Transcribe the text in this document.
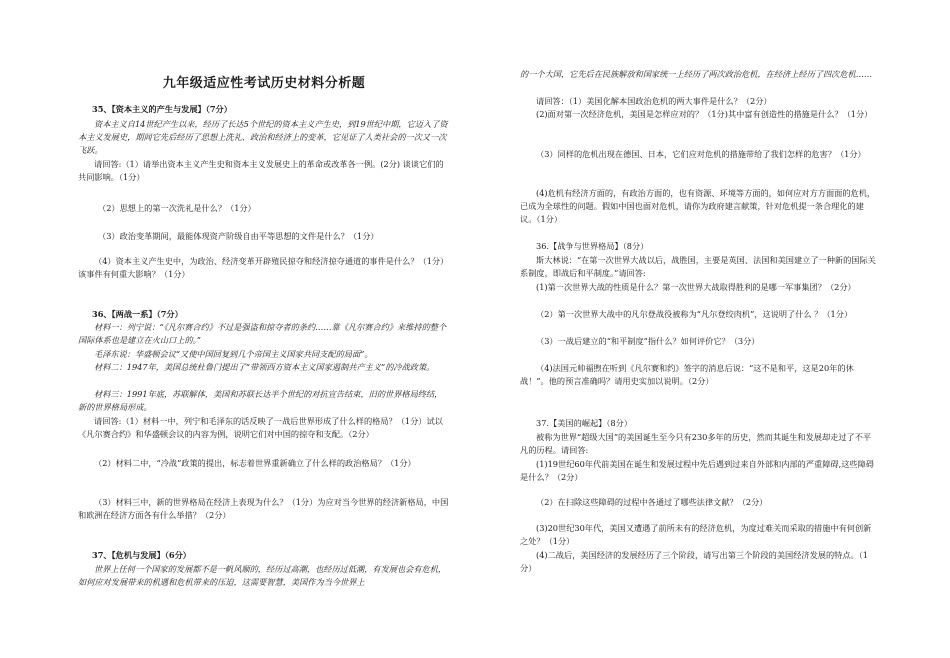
九年级适应性考试历史材料分析题

35、【资本主义的产生与发展】（7分）

资本主义自14世纪产生以来，经历了长达5个世纪的资本主义产生史，到19世纪中期，它迈入了资本主义发展史，期间它先后经历了思想上洗礼、政治和经济上的变革，它见证了人类社会的一次又一次飞跃。

请回答:（1）请举出资本主义产生史和资本主义发展史上的革命或改革各一例。(2分) 谈谈它们的共同影响。（1分）

（2）思想上的第一次洗礼是什么？（1分）

（3）政治变革期间，最能体现资产阶级自由平等思想的文件是什么？（1分）

（4）资本主义产生史中，为政治、经济变革开辟殖民掠夺和经济掠夺通道的事件是什么？（1分）该事件有何重大影响？（1分）

36、【两战一系】（7分）

材料一：列宁说：“《凡尔赛合约》不过是强盗和掠夺者的条约……靠《凡尔赛合约》来维持的整个国际体系也是建立在火山口上的。”

毛泽东说：华盛顿会议“又使中国回复到几个帝国主义国家共同支配的局面”。

材料二：1947年，美国总统杜鲁门提出了“带领西方资本主义国家遏制共产主义”的冷战政策。

材料三：1991年底，苏联解体，美国和苏联长达半个世纪的对抗宣告结束，旧的世界格局终结，新的世界格局形成。

请回答:（1）材料一中，列宁和毛泽东的话反映了一战后世界形成了什么样的格局？（1分）试以《凡尔赛合约》和华盛顿会议的内容为例，说明它们对中国的掠夺和支配。（2分）

（2）材料二中，“冷战”政策的提出，标志着世界重新确立了什么样的政治格局？（1分）

（3）材料三中，新的世界格局在经济上表现为什么？（1分）为应对当今世界的经济新格局，中国和欧洲在经济方面各有什么举措？（2分）

37、【危机与发展】（6分）

世界上任何一个国家的发展都不是一帆风顺的，经历过高潮，也经历过低潮，有发展也会有危机，如何应对发展带来的机遇和危机带来的压迫，这需要智慧，美国作为当今世界上

的一个大国，它先后在民族解放和国家统一上经历了两次政治危机，在经济上经历了四次危机……

请回答：（1）美国化解本国政治危机的两大事件是什么？（2分）

(2)面对第一次经济危机，美国是怎样应对的？（1分)其中富有创造性的措施是什么？（1分）

（3）同样的危机出现在德国、日本，它们应对危机的措施带给了我们怎样的危害？（1分）

(4)危机有经济方面的，有政治方面的，也有资源、环境等方面的，如何应对方方面面的危机，已成为全球性的问题。假如中国也面对危机，请你为政府建言献策，针对危机提一条合理化的建议。（1分）

36.【战争与世界格局】（8分）

斯大林说：“在第一次世界大战以后，战胜国，主要是英国、法国和美国建立了一种新的国际关系制度，即战后和平制度。”请回答:

(1)第一次世界大战的性质是什么？第一次世界大战取得胜利的是哪一军事集团？（2分）

（2）第一次世界大战中的凡尔登战役被称为“凡尔登绞肉机”，这说明了什么 ？（1分）

（3）一战后建立的“和平制度”指什么？如何评价它？（3分）

（4)法国元帅福煦在听到《凡尔赛和约》签字的消息后说：“这不是和平，这是20年的休战！”。他的预言准确吗？请用史实加以说明。（2分）

37.【美国的崛起】（8分）

被称为世界“超级大国”的美国诞生至今只有230多年的历史，然而其诞生和发展却走过了不平凡的历程。请回答:

(1)19世纪60年代前美国在诞生和发展过程中先后遇到过来自外部和内部的严重障碍,这些障碍是什么？（2分）

（2）在扫除这些障碍的过程中各通过了哪些法律文献？（2分）

(3)20世纪30年代，美国又遭遇了前所未有的经济危机，为度过难关而采取的措施中有何创新之处？（1分）

(4)二战后，美国经济的发展经历了三个阶段，请写出第三个阶段的美国经济发展的特点。（1分）
